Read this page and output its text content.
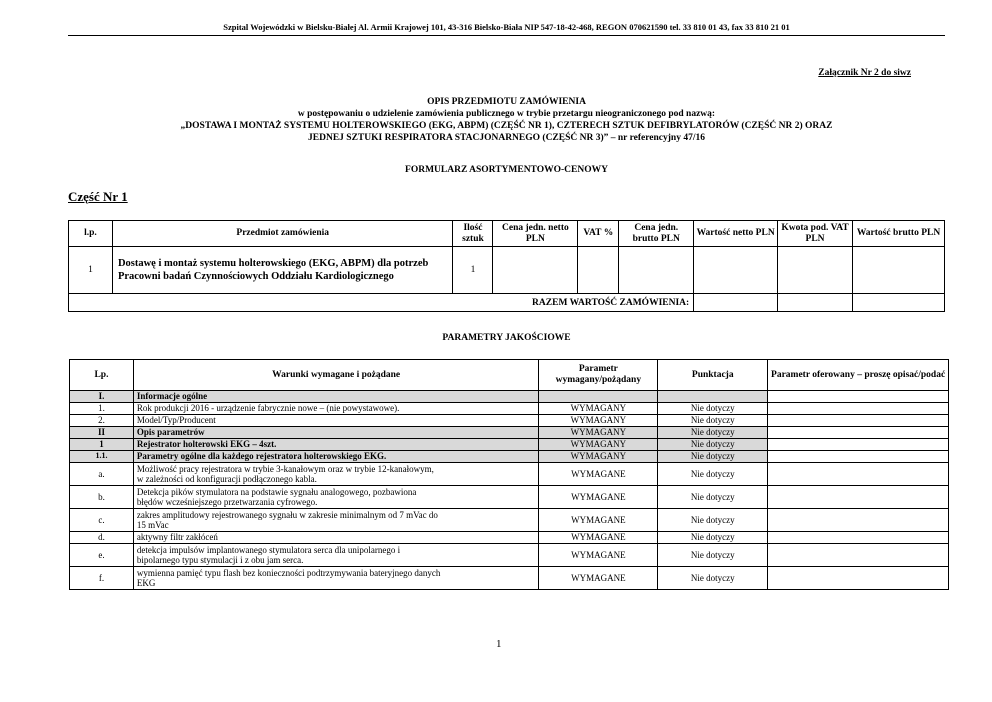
Szpital Wojewódzki w Bielsku-Białej Al. Armii Krajowej 101, 43-316 Bielsko-Biała NIP 547-18-42-468, REGON 070621590 tel. 33 810 01 43, fax 33 810 21 01
Załącznik Nr 2 do siwz
OPIS PRZEDMIOTU ZAMÓWIENIA
w postępowaniu o udzielenie zamówienia publicznego w trybie przetargu nieograniczonego pod nazwą:
„DOSTAWA I MONTAŻ SYSTEMU HOLTEROWSKIEGO (EKG, ABPM) (CZĘŚĆ NR 1), CZTERECH SZTUK DEFIBRYLATORÓW (CZĘŚĆ NR 2) ORAZ
JEDNEJ SZTUKI RESPIRATORA STACJONARNEGO (CZĘŚĆ NR 3)” – nr referencyjny 47/16
FORMULARZ ASORTYMENTOWO-CENOWY
Część Nr 1
l.p.	Przedmiot zamówienia	Ilość sztuk	Cena jedn. netto PLN	VAT %	Cena jedn. brutto PLN	Wartość netto PLN	Kwota pod. VAT PLN	Wartość brutto PLN
1	Dostawę i montaż systemu holterowskiego (EKG, ABPM) dla potrzeb Pracowni badań Czynnościowych Oddziału Kardiologicznego	1						
RAZEM WARTOŚĆ ZAMÓWIENIA:								
PARAMETRY JAKOŚCIOWE
Lp.	Warunki wymagane i pożądane	Parametr wymagany/pożądany	Punktacja	Parametr oferowany – proszę opisać/podać
I.	Informacje ogólne			
1.	Rok produkcji 2016 - urządzenie fabrycznie nowe – (nie powystawowe).	WYMAGANY	Nie dotyczy	
2.	Model/Typ/Producent	WYMAGANY	Nie dotyczy	
II	Opis parametrów	WYMAGANY	Nie dotyczy	
1	Rejestrator holterowski EKG – 4szt.	WYMAGANY	Nie dotyczy	
1.1.	Parametry ogólne dla każdego rejestratora holterowskiego EKG.	WYMAGANY	Nie dotyczy	
a.	Możliwość pracy rejestratora w trybie 3-kanałowym oraz w trybie 12-kanałowym,
w zależności od konfiguracji podłączonego kabla.	WYMAGANE	Nie dotyczy	
b.	Detekcja pików stymulatora na podstawie sygnału analogowego, pozbawiona
błędów wcześniejszego przetwarzania cyfrowego.	WYMAGANE	Nie dotyczy	
c.	zakres amplitudowy rejestrowanego sygnału w zakresie minimalnym od 7 mVac do
15 mVac	WYMAGANE	Nie dotyczy	
d.	aktywny filtr zakłóceń	WYMAGANE	Nie dotyczy	
e.	detekcja impulsów implantowanego stymulatora serca dla unipolarnego i
bipolarnego typu stymulacji i z obu jam serca.	WYMAGANE	Nie dotyczy	
f.	wymienna pamięć typu flash bez konieczności podtrzymywania bateryjnego danych
EKG	WYMAGANE	Nie dotyczy	
1
